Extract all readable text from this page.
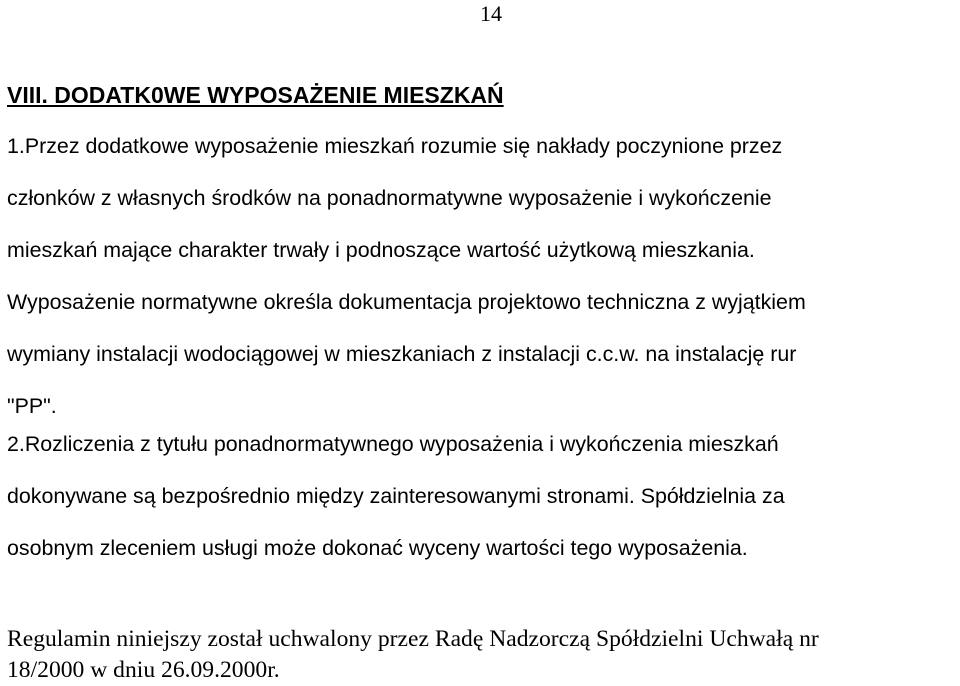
14
VIII. DODATK0WE WYPOSAŻENIE MIESZKAŃ
1.Przez dodatkowe wyposażenie mieszkań rozumie się nakłady poczynione przez
członków z własnych środków na ponadnormatywne wyposażenie i wykończenie
mieszkań mające charakter trwały i podnoszące wartość użytkową mieszkania.
Wyposażenie normatywne określa dokumentacja projektowo techniczna z wyjątkiem
wymiany instalacji wodociągowej w mieszkaniach z instalacji c.c.w. na instalację rur
"PP".
2.Rozliczenia z tytułu ponadnormatywnego wyposażenia i wykończenia mieszkań
dokonywane są bezpośrednio między zainteresowanymi stronami. Spółdzielnia za
osobnym zleceniem usługi może dokonać wyceny wartości tego wyposażenia.
Regulamin niniejszy został uchwalony przez Radę Nadzorczą Spółdzielni Uchwałą nr
18/2000 w dniu 26.09.2000r.
